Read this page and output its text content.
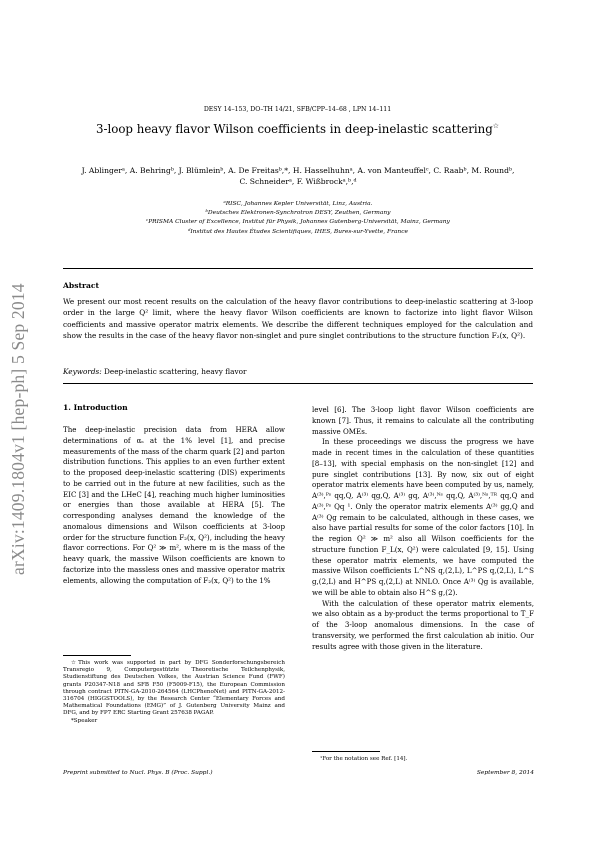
arXiv:1409.1804v1 [hep-ph] 5 Sep 2014
DESY 14–153, DO–TH 14/21, SFB/CPP–14–68 , LPN 14–111
3-loop heavy flavor Wilson coefficients in deep-inelastic scattering☆
J. Ablingerᵃ, A. Behringᵇ, J. Blümleinᵇ, A. De Freitasᵇ,*, H. Hasselhuhnᵃ, A. von Manteuffelᶜ, C. Raabᵇ, M. Roundᵇ,
C. Schneiderᵃ, F. Wißbrockᵃ,ᵇ,ᵈ
ᵃRISC, Johannes Kepler Universität, Linz, Austria.
ᵇDeutsches Elektronen-Synchrotron DESY, Zeuthen, Germany
ᶜPRISMA Cluster of Excellence, Institut für Physik, Johannes Gutenberg-Universität, Mainz, Germany
ᵈInstitut des Hautes Études Scientifiques, IHES, Bures-sur-Yvette, France
Abstract
We present our most recent results on the calculation of the heavy flavor contributions to deep-inelastic scattering at 3-loop order in the large Q² limit, where the heavy flavor Wilson coefficients are known to factorize into light flavor Wilson coefficients and massive operator matrix elements. We describe the different techniques employed for the calculation and show the results in the case of the heavy flavor non-singlet and pure singlet contributions to the structure function F₂(x, Q²).
Keywords: Deep-inelastic scattering, heavy flavor
1. Introduction

The deep-inelastic precision data from HERA allow determinations of αₛ at the 1% level [1], and precise measurements of the mass of the charm quark [2] and parton distribution functions. This applies to an even further extent to the proposed deep-inelastic scattering (DIS) experiments to be carried out in the future at new facilities, such as the EIC [3] and the LHeC [4], reaching much higher luminosities or energies than those available at HERA [5]. The corresponding analyses demand the knowledge of the anomalous dimensions and Wilson coefficients at 3-loop order for the structure function F₂(x, Q²), including the heavy flavor corrections. For Q² ≫ m², where m is the mass of the heavy quark, the massive Wilson coefficients are known to factorize into the massless ones and massive operator matrix elements, allowing the computation of F₂(x, Q²) to the 1%

level [6]. The 3-loop light flavor Wilson coefficients are known [7]. Thus, it remains to calculate all the contributing massive OMEs.

In these proceedings we discuss the progress we have made in recent times in the calculation of these quantities [8–13], with special emphasis on the non-singlet [12] and pure singlet contributions [13]. By now, six out of eight operator matrix elements have been computed by us, namely, A⁽³⁾,ᴾˢ qq,Q, A⁽³⁾ qg,Q, A⁽³⁾ gq, A⁽³⁾,ᴺˢ qq,Q, A⁽³⁾,ᴺˢ,ᵀᴿ qq,Q and A⁽³⁾,ᴾˢ Qq ¹. Only the operator matrix elements A⁽³⁾ gg,Q and A⁽³⁾ Qg remain to be calculated, although in these cases, we also have partial results for some of the color factors [10]. In the region Q² ≫ m² also all Wilson coefficients for the structure function F_L(x, Q²) were calculated [9, 15]. Using these operator matrix elements, we have computed the massive Wilson coefficients L^NS q,(2,L), L^PS q,(2,L), L^S g,(2,L) and H^PS q,(2,L) at NNLO. Once A⁽³⁾ Qg is available, we will be able to obtain also H^S g,(2).

With the calculation of these operator matrix elements, we also obtain as a by-product the terms proportional to T_F of the 3-loop anomalous dimensions. In the case of transversity, we performed the first calculation ab initio. Our results agree with those given in the literature.

☆This work was supported in part by DFG Sonderforschungsbereich Transregio 9, Computergestützte Theoretische Teilchenphysik, Studienstiftung des Deutschen Volkes, the Austrian Science Fund (FWF) grants P20347-N18 and SFB F50 (F5009-F15), the European Commission through contract PITN-GA-2010-264564 (LHCPhenoNet) and PITN-GA-2012-316704 (HIGGSTOOLS), by the Research Center “Elementary Forces and Mathematical Foundations (EMG)” of J. Gutenberg University Mainz and DFG, and by FP7 ERC Starting Grant 257638 PAGAP.
*Speaker
¹For the notation see Ref. [14].
Preprint submitted to Nucl. Phys. B (Proc. Suppl.)	September 8, 2014
